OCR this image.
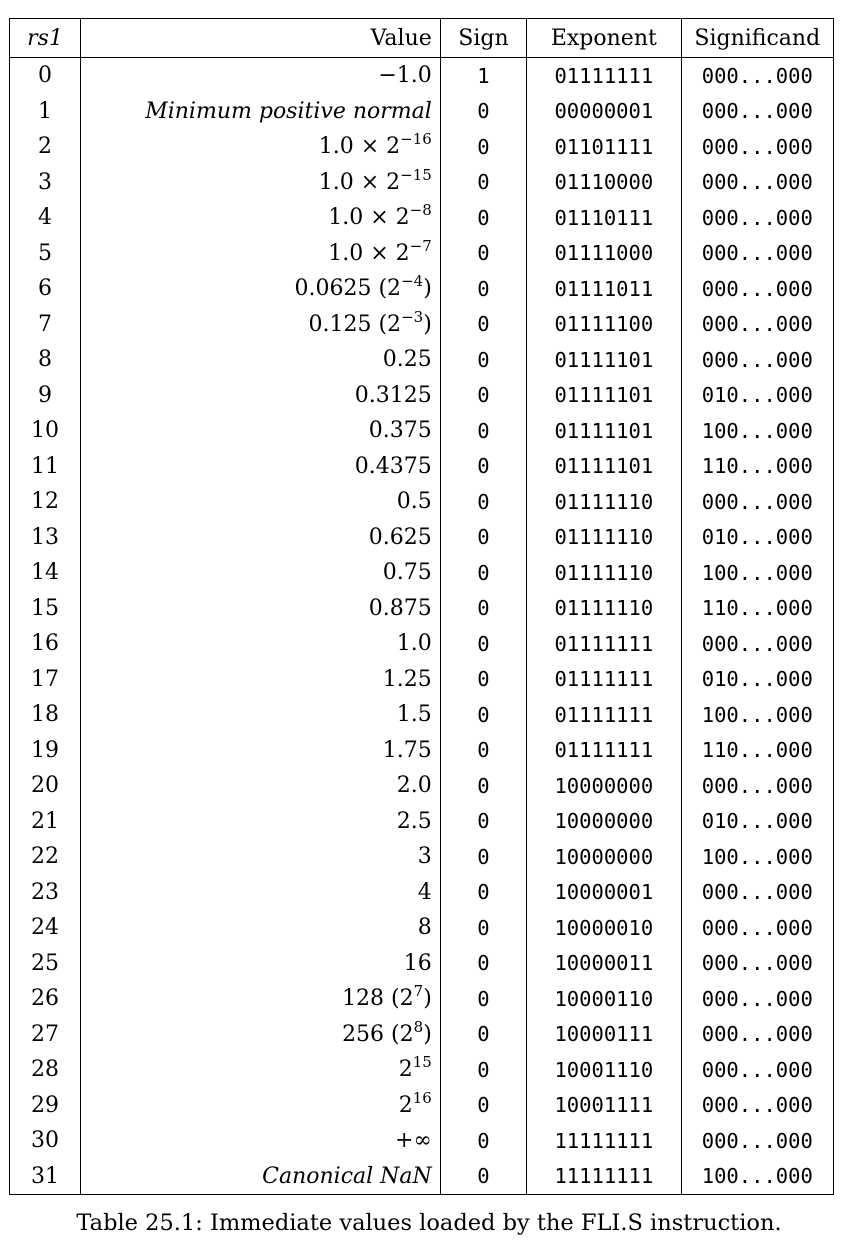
rs1	Value	Sign	Exponent	Significand
0	−1.0	1	01111111	000...000
1	Minimum positive normal	0	00000001	000...000
2	$1.0 \times 2^{-16}$	0	01101111	000...000
3	$1.0 \times 2^{-15}$	0	01110000	000...000
4	$1.0 \times 2^{-8}$	0	01110111	000...000
5	$1.0 \times 2^{-7}$	0	01111000	000...000
6	0.0625 $(2^{-4})$	0	01111011	000...000
7	0.125 $(2^{-3})$	0	01111100	000...000
8	0.25	0	01111101	000...000
9	0.3125	0	01111101	010...000
10	0.375	0	01111101	100...000
11	0.4375	0	01111101	110...000
12	0.5	0	01111110	000...000
13	0.625	0	01111110	010...000
14	0.75	0	01111110	100...000
15	0.875	0	01111110	110...000
16	1.0	0	01111111	000...000
17	1.25	0	01111111	010...000
18	1.5	0	01111111	100...000
19	1.75	0	01111111	110...000
20	2.0	0	10000000	000...000
21	2.5	0	10000000	010...000
22	3	0	10000000	100...000
23	4	0	10000001	000...000
24	8	0	10000010	000...000
25	16	0	10000011	000...000
26	128 $(2^7)$	0	10000110	000...000
27	256 $(2^8)$	0	10000111	000...000
28	$2^{15}$	0	10001110	000...000
29	$2^{16}$	0	10001111	000...000
30	+∞	0	11111111	000...000
31	Canonical NaN	0	11111111	100...000
Table 25.1: Immediate values loaded by the FLI.S instruction.
